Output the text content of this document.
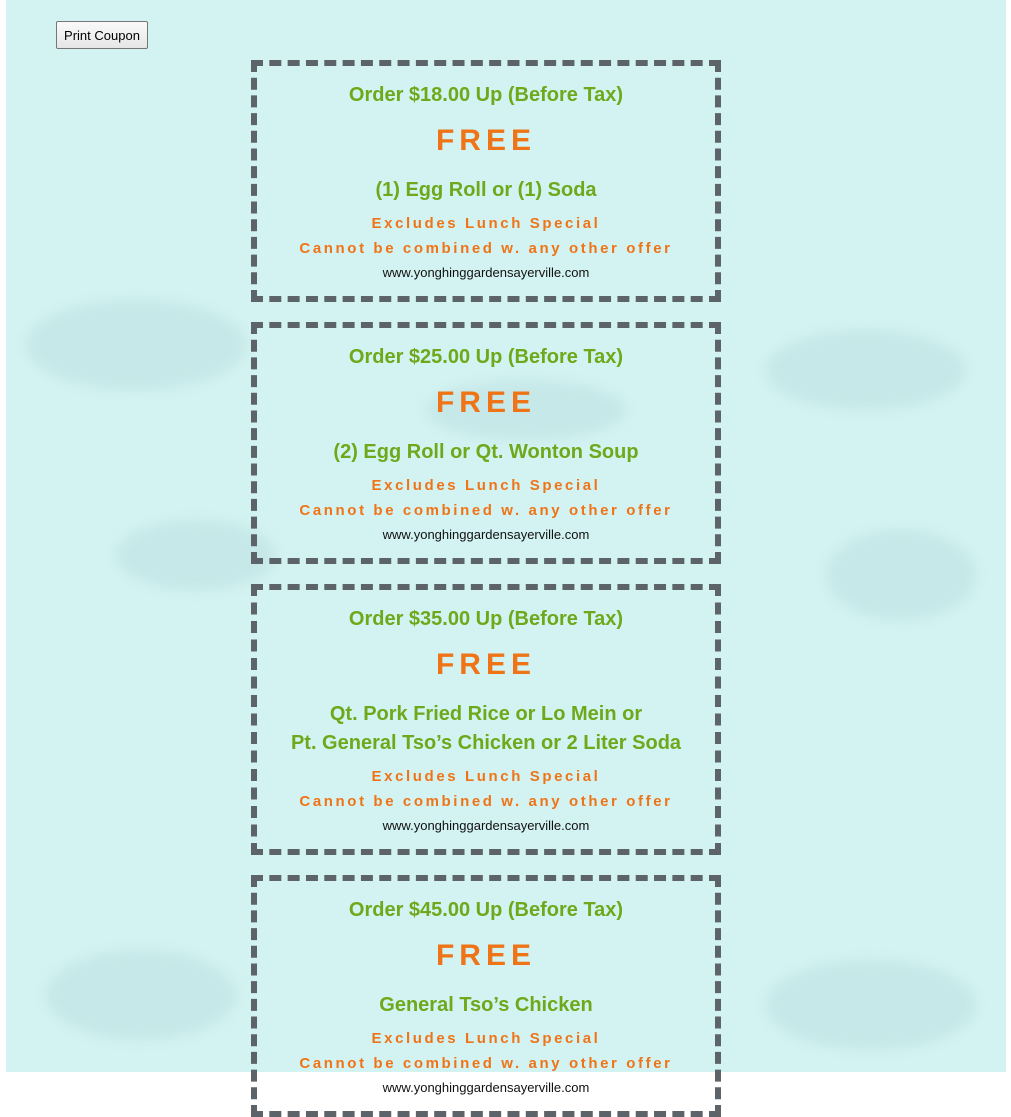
Print Coupon
Order $18.00 Up (Before Tax)
FREE
(1) Egg Roll or (1) Soda
Excludes Lunch Special
Cannot be combined w. any other offer
www.yonghinggardensayerville.com
Order $25.00 Up (Before Tax)
FREE
(2) Egg Roll or Qt. Wonton Soup
Excludes Lunch Special
Cannot be combined w. any other offer
www.yonghinggardensayerville.com
Order $35.00 Up (Before Tax)
FREE
Qt. Pork Fried Rice or Lo Mein or
Pt. General Tso’s Chicken or 2 Liter Soda
Excludes Lunch Special
Cannot be combined w. any other offer
www.yonghinggardensayerville.com
Order $45.00 Up (Before Tax)
FREE
General Tso’s Chicken
Excludes Lunch Special
Cannot be combined w. any other offer
www.yonghinggardensayerville.com
